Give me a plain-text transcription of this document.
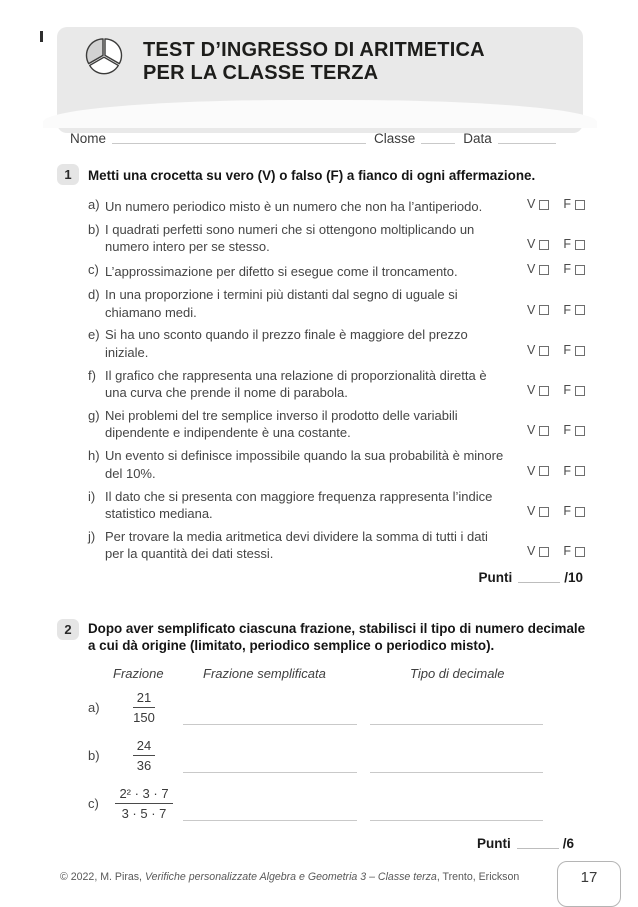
TEST D’INGRESSO DI ARITMETICA
PER LA CLASSE TERZA
Nome	Classe	Data
1	Metti una crocetta su vero (V) o falso (F) a fianco di ogni affermazione.
a) Un numero periodico misto è un numero che non ha l’antiperiodo.	V F
b) I quadrati perfetti sono numeri che si ottengono moltiplicando un numero intero per se stesso.	V F
c) L’approssimazione per difetto si esegue come il troncamento.	V F
d) In una proporzione i termini più distanti dal segno di uguale si chiamano medi.	V F
e) Si ha uno sconto quando il prezzo finale è maggiore del prezzo iniziale.	V F
f) Il grafico che rappresenta una relazione di proporzionalità diretta è una curva che prende il nome di parabola.	V F
g) Nei problemi del tre semplice inverso il prodotto delle variabili dipendente e indipendente è una costante.	V F
h) Un evento si definisce impossibile quando la sua probabilità è minore del 10%.	V F
i) Il dato che si presenta con maggiore frequenza rappresenta l’indice statistico mediana.	V F
j) Per trovare la media aritmetica devi dividere la somma di tutti i dati per la quantità dei dati stessi.	V F
Punti	/10
2	Dopo aver semplificato ciascuna frazione, stabilisci il tipo di numero decimale a cui dà origine (limitato, periodico semplice o periodico misto).
Frazione	Frazione semplificata	Tipo di decimale
a)	$\frac{21}{150}$
b)	$\frac{24}{36}$
c)	$\frac{\text{2² · 3 · 7}}{3 \cdot 5 \cdot 7}$
Punti	/6
© 2022, M. Piras, Verifiche personalizzate Algebra e Geometria 3 – Classe terza, Trento, Erickson	17
